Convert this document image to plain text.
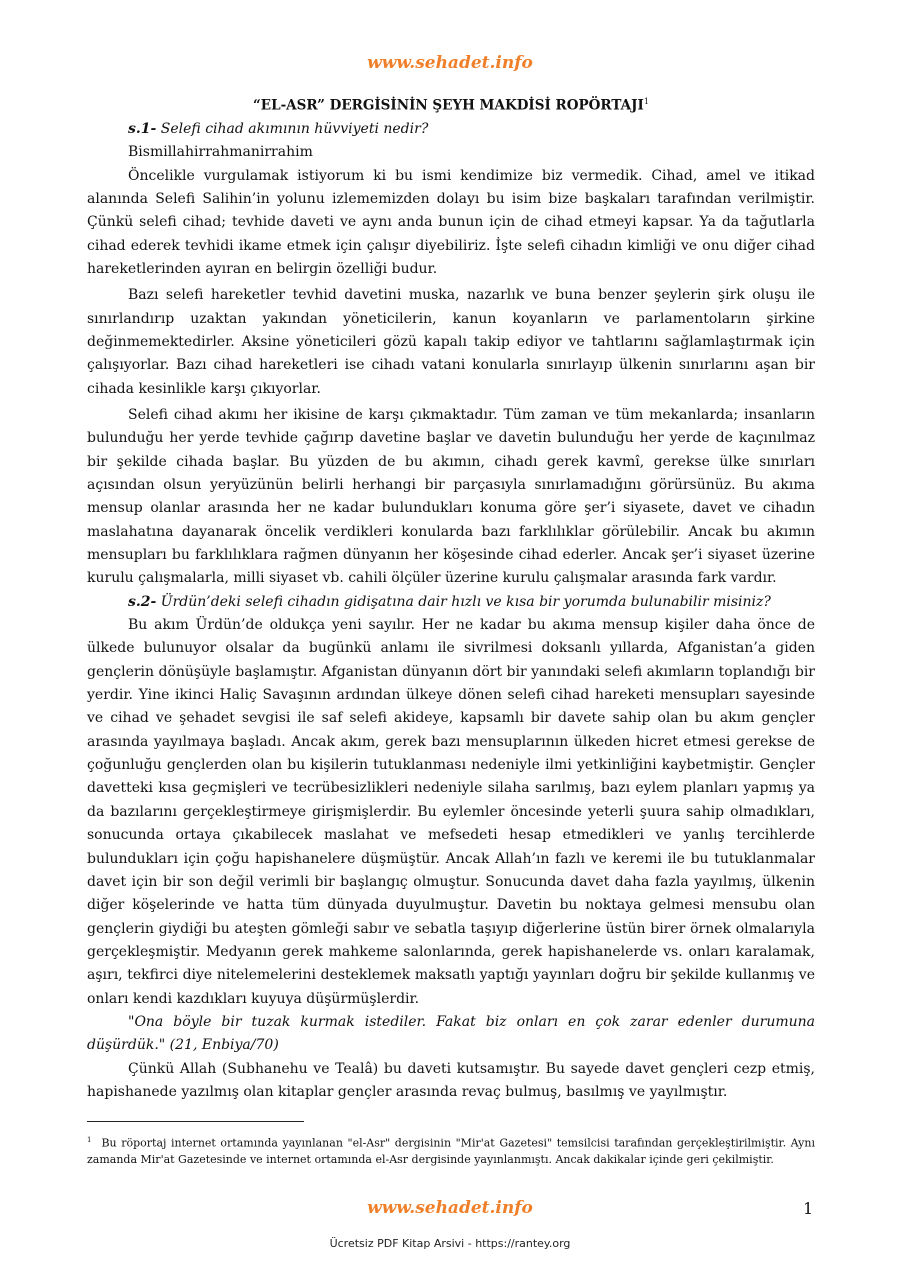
www.sehadet.info
“EL-ASR” DERGİSİNİN ŞEYH MAKDİSİ ROPÖRTAJI$^1$

s.1- Selefi cihad akımının hüvviyeti nedir?

Bismillahirrahmanirrahim

Öncelikle vurgulamak istiyorum ki bu ismi kendimize biz vermedik. Cihad, amel ve itikad alanında Selefi Salihin’in yolunu izlememizden dolayı bu isim bize başkaları tarafından verilmiştir. Çünkü selefi cihad; tevhide daveti ve aynı anda bunun için de cihad etmeyi kapsar. Ya da tağutlarla cihad ederek tevhidi ikame etmek için çalışır diyebiliriz. İşte selefi cihadın kimliği ve onu diğer cihad hareketlerinden ayıran en belirgin özelliği budur.

Bazı selefi hareketler tevhid davetini muska, nazarlık ve buna benzer şeylerin şirk oluşu ile sınırlandırıp uzaktan yakından yöneticilerin, kanun koyanların ve parlamentoların şirkine değinmemektedirler. Aksine yöneticileri gözü kapalı takip ediyor ve tahtlarını sağlamlaştırmak için çalışıyorlar. Bazı cihad hareketleri ise cihadı vatani konularla sınırlayıp ülkenin sınırlarını aşan bir cihada kesinlikle karşı çıkıyorlar.

Selefi cihad akımı her ikisine de karşı çıkmaktadır. Tüm zaman ve tüm mekanlarda; insanların bulunduğu her yerde tevhide çağırıp davetine başlar ve davetin bulunduğu her yerde de kaçınılmaz bir şekilde cihada başlar. Bu yüzden de bu akımın, cihadı gerek kavmî, gerekse ülke sınırları açısından olsun yeryüzünün belirli herhangi bir parçasıyla sınırlamadığını görürsünüz. Bu akıma mensup olanlar arasında her ne kadar bulundukları konuma göre şer’i siyasete, davet ve cihadın maslahatına dayanarak öncelik verdikleri konularda bazı farklılıklar görülebilir. Ancak bu akımın mensupları bu farklılıklara rağmen dünyanın her köşesinde cihad ederler. Ancak şer’i siyaset üzerine kurulu çalışmalarla, milli siyaset vb. cahili ölçüler üzerine kurulu çalışmalar arasında fark vardır.

s.2- Ürdün’deki selefi cihadın gidişatına dair hızlı ve kısa bir yorumda bulunabilir misiniz?

Bu akım Ürdün’de oldukça yeni sayılır. Her ne kadar bu akıma mensup kişiler daha önce de ülkede bulunuyor olsalar da bugünkü anlamı ile sivrilmesi doksanlı yıllarda, Afganistan’a giden gençlerin dönüşüyle başlamıştır. Afganistan dünyanın dört bir yanındaki selefi akımların toplandığı bir yerdir. Yine ikinci Haliç Savaşının ardından ülkeye dönen selefi cihad hareketi mensupları sayesinde ve cihad ve şehadet sevgisi ile saf selefi akideye, kapsamlı bir davete sahip olan bu akım gençler arasında yayılmaya başladı. Ancak akım, gerek bazı mensuplarının ülkeden hicret etmesi gerekse de çoğunluğu gençlerden olan bu kişilerin tutuklanması nedeniyle ilmi yetkinliğini kaybetmiştir. Gençler davetteki kısa geçmişleri ve tecrübesizlikleri nedeniyle silaha sarılmış, bazı eylem planları yapmış ya da bazılarını gerçekleştirmeye girişmişlerdir. Bu eylemler öncesinde yeterli şuura sahip olmadıkları, sonucunda ortaya çıkabilecek maslahat ve mefsedeti hesap etmedikleri ve yanlış tercihlerde bulundukları için çoğu hapishanelere düşmüştür. Ancak Allah’ın fazlı ve keremi ile bu tutuklanmalar davet için bir son değil verimli bir başlangıç olmuştur. Sonucunda davet daha fazla yayılmış, ülkenin diğer köşelerinde ve hatta tüm dünyada duyulmuştur. Davetin bu noktaya gelmesi mensubu olan gençlerin giydiği bu ateşten gömleği sabır ve sebatla taşıyıp diğerlerine üstün birer örnek olmalarıyla gerçekleşmiştir. Medyanın gerek mahkeme salonlarında, gerek hapishanelerde vs. onları karalamak, aşırı, tekfirci diye nitelemelerini desteklemek maksatlı yaptığı yayınları doğru bir şekilde kullanmış ve onları kendi kazdıkları kuyuya düşürmüşlerdir.

"Ona böyle bir tuzak kurmak istediler. Fakat biz onları en çok zarar edenler durumuna düşürdük." (21, Enbiya/70)

Çünkü Allah (Subhanehu ve Tealâ) bu daveti kutsamıştır. Bu sayede davet gençleri cezp etmiş, hapishanede yazılmış olan kitaplar gençler arasında revaç bulmuş, basılmış ve yayılmıştır.

$^1$ Bu röportaj internet ortamında yayınlanan "el-Asr" dergisinin "Mir'at Gazetesi" temsilcisi tarafından gerçekleştirilmiştir. Aynı zamanda Mir'at Gazetesinde ve internet ortamında el-Asr dergisinde yayınlanmıştı. Ancak dakikalar içinde geri çekilmiştir.
www.sehadet.info	1
Ücretsiz PDF Kitap Arsivi - https://rantey.org
